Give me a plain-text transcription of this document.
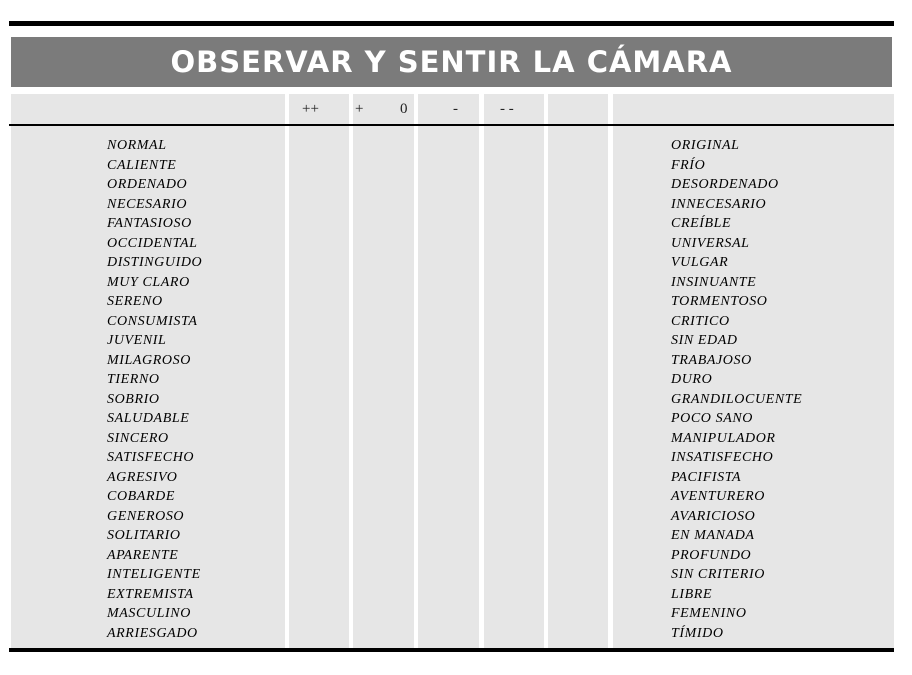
OBSERVAR Y SENTIR LA CÁMARA
++ + 0	-	- -
NORMAL
CALIENTE
ORDENADO
NECESARIO
FANTASIOSO
OCCIDENTAL
DISTINGUIDO
MUY CLARO
SERENO
CONSUMISTA
JUVENIL
MILAGROSO
TIERNO
SOBRIO
SALUDABLE
SINCERO
SATISFECHO
AGRESIVO
COBARDE
GENEROSO
SOLITARIO
APARENTE
INTELIGENTE
EXTREMISTA
MASCULINO
ARRIESGADO
ORIGINAL
FRÍO
DESORDENADO
INNECESARIO
CREÍBLE
UNIVERSAL
VULGAR
INSINUANTE
TORMENTOSO
CRITICO
SIN EDAD
TRABAJOSO
DURO
GRANDILOCUENTE
POCO SANO
MANIPULADOR
INSATISFECHO
PACIFISTA
AVENTURERO
AVARICIOSO
EN MANADA
PROFUNDO
SIN CRITERIO
LIBRE
FEMENINO
TÍMIDO
